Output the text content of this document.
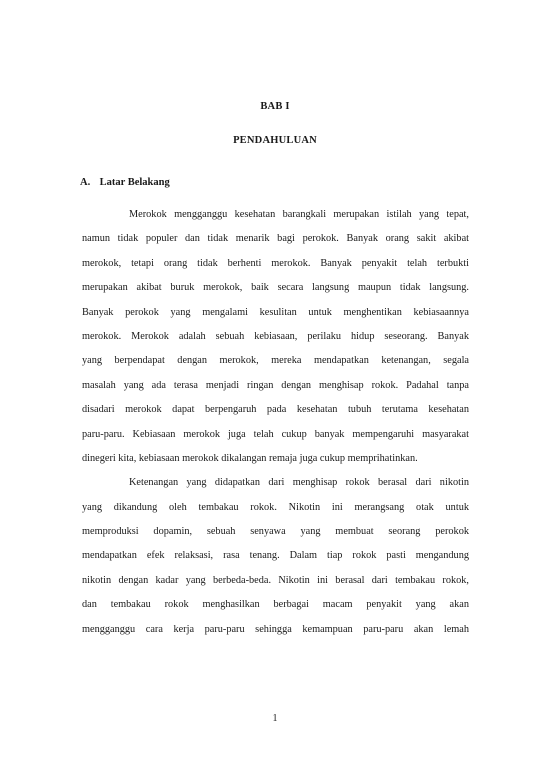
BAB I
PENDAHULUAN
A. Latar Belakang
Merokok mengganggu kesehatan barangkali merupakan istilah yang tepat,
namun tidak populer dan tidak menarik bagi perokok. Banyak orang sakit akibat
merokok, tetapi orang tidak berhenti merokok. Banyak penyakit telah terbukti
merupakan akibat buruk merokok, baik secara langsung maupun tidak langsung.
Banyak perokok yang mengalami kesulitan untuk menghentikan kebiasaannya
merokok. Merokok adalah sebuah kebiasaan, perilaku hidup seseorang. Banyak
yang berpendapat dengan merokok, mereka mendapatkan ketenangan, segala
masalah yang ada terasa menjadi ringan dengan menghisap rokok. Padahal tanpa
disadari merokok dapat berpengaruh pada kesehatan tubuh terutama kesehatan
paru-paru. Kebiasaan merokok juga telah cukup banyak mempengaruhi masyarakat
dinegeri kita, kebiasaan merokok dikalangan remaja juga cukup memprihatinkan.
Ketenangan yang didapatkan dari menghisap rokok berasal dari nikotin
yang dikandung oleh tembakau rokok. Nikotin ini merangsang otak untuk
memproduksi dopamin, sebuah senyawa yang membuat seorang perokok
mendapatkan efek relaksasi, rasa tenang. Dalam tiap rokok pasti mengandung
nikotin dengan kadar yang berbeda-beda. Nikotin ini berasal dari tembakau rokok,
dan tembakau rokok menghasilkan berbagai macam penyakit yang akan
mengganggu cara kerja paru-paru sehingga kemampuan paru-paru akan lemah
1
